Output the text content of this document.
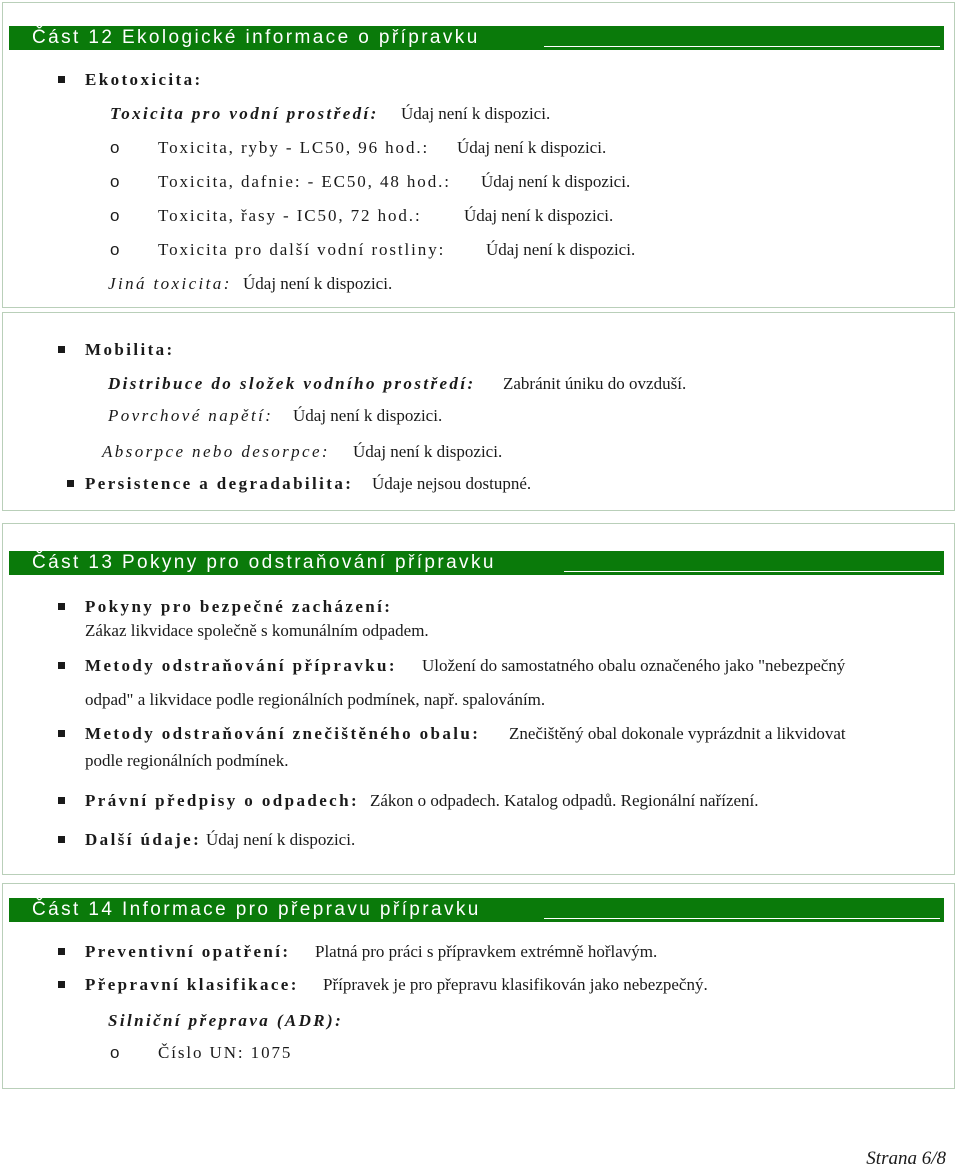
Část 12 Ekologické informace o přípravku
Ekotoxicita:
Toxicita pro vodní prostředí: Údaj není k dispozici.
o Toxicita, ryby - LC50, 96 hod.: Údaj není k dispozici.
o Toxicita, dafnie: - EC50, 48 hod.: Údaj není k dispozici.
o Toxicita, řasy - IC50, 72 hod.: Údaj není k dispozici.
o Toxicita pro další vodní rostliny: Údaj není k dispozici.
Jiná toxicita: Údaj není k dispozici.
Mobilita:
Distribuce do složek vodního prostředí: Zabránit úniku do ovzduší.
Povrchové napětí: Údaj není k dispozici.
Absorpce nebo desorpce: Údaj není k dispozici.
Persistence a degradabilita: Údaje nejsou dostupné.
Část 13 Pokyny pro odstraňování přípravku
Pokyny pro bezpečné zacházení:
Zákaz likvidace společně s komunálním odpadem.
Metody odstraňování přípravku: Uložení do samostatného obalu označeného jako "nebezpečný
odpad" a likvidace podle regionálních podmínek, např. spalováním.
Metody odstraňování znečištěného obalu: Znečištěný obal dokonale vyprázdnit a likvidovat
podle regionálních podmínek.
Právní předpisy o odpadech: Zákon o odpadech. Katalog odpadů. Regionální nařízení.
Další údaje: Údaj není k dispozici.
Část 14 Informace pro přepravu přípravku
Preventivní opatření: Platná pro práci s přípravkem extrémně hořlavým.
Přepravní klasifikace: Přípravek je pro přepravu klasifikován jako nebezpečný.
Silniční přeprava (ADR):
o Číslo UN: 1075
Strana 6/8
